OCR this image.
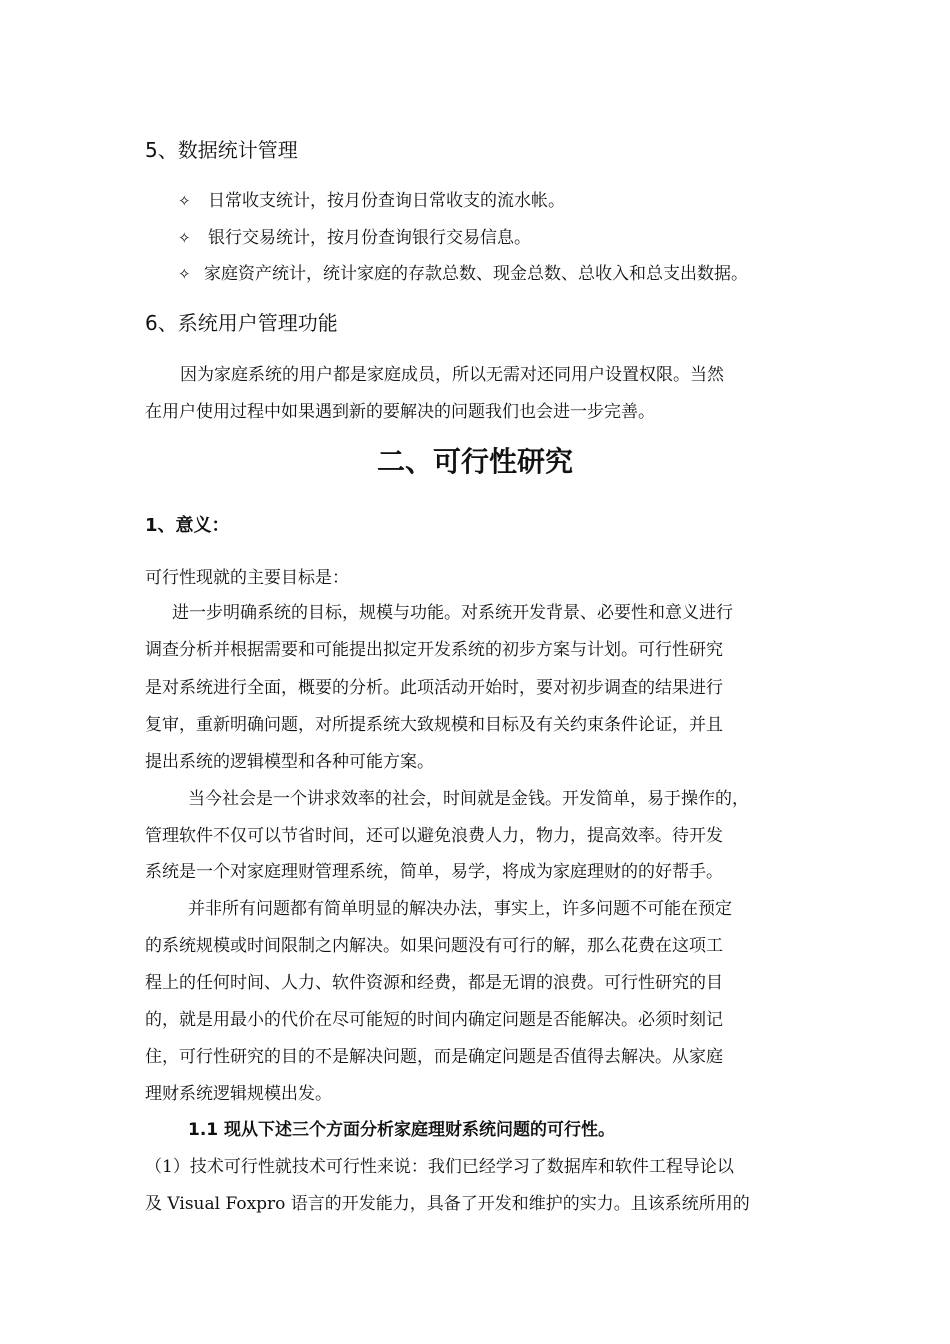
5、数据统计管理
✧ 日常收支统计，按月份查询日常收支的流水帐。
✧ 银行交易统计，按月份查询银行交易信息。
✧ 家庭资产统计，统计家庭的存款总数、现金总数、总收入和总支出数据。
6、系统用户管理功能
因为家庭系统的用户都是家庭成员，所以无需对还同用户设置权限。当然
在用户使用过程中如果遇到新的要解决的问题我们也会进一步完善。
二、可行性研究
1、意义：
可行性现就的主要目标是：
进一步明确系统的目标，规模与功能。对系统开发背景、必要性和意义进行
调查分析并根据需要和可能提出拟定开发系统的初步方案与计划。可行性研究
是对系统进行全面，概要的分析。此项活动开始时，要对初步调查的结果进行
复审，重新明确问题，对所提系统大致规模和目标及有关约束条件论证，并且
提出系统的逻辑模型和各种可能方案。
当今社会是一个讲求效率的社会，时间就是金钱。开发简单，易于操作的，
管理软件不仅可以节省时间，还可以避免浪费人力，物力，提高效率。待开发
系统是一个对家庭理财管理系统，简单，易学，将成为家庭理财的的好帮手。
并非所有问题都有简单明显的解决办法，事实上，许多问题不可能在预定
的系统规模或时间限制之内解决。如果问题没有可行的解，那么花费在这项工
程上的任何时间、人力、软件资源和经费，都是无谓的浪费。可行性研究的目
的，就是用最小的代价在尽可能短的时间内确定问题是否能解决。必须时刻记
住，可行性研究的目的不是解决问题，而是确定问题是否值得去解决。从家庭
理财系统逻辑规模出发。
1.1 现从下述三个方面分析家庭理财系统问题的可行性。
（1）技术可行性就技术可行性来说：我们已经学习了数据库和软件工程导论以
及 Visual Foxpro 语言的开发能力，具备了开发和维护的实力。且该系统所用的
